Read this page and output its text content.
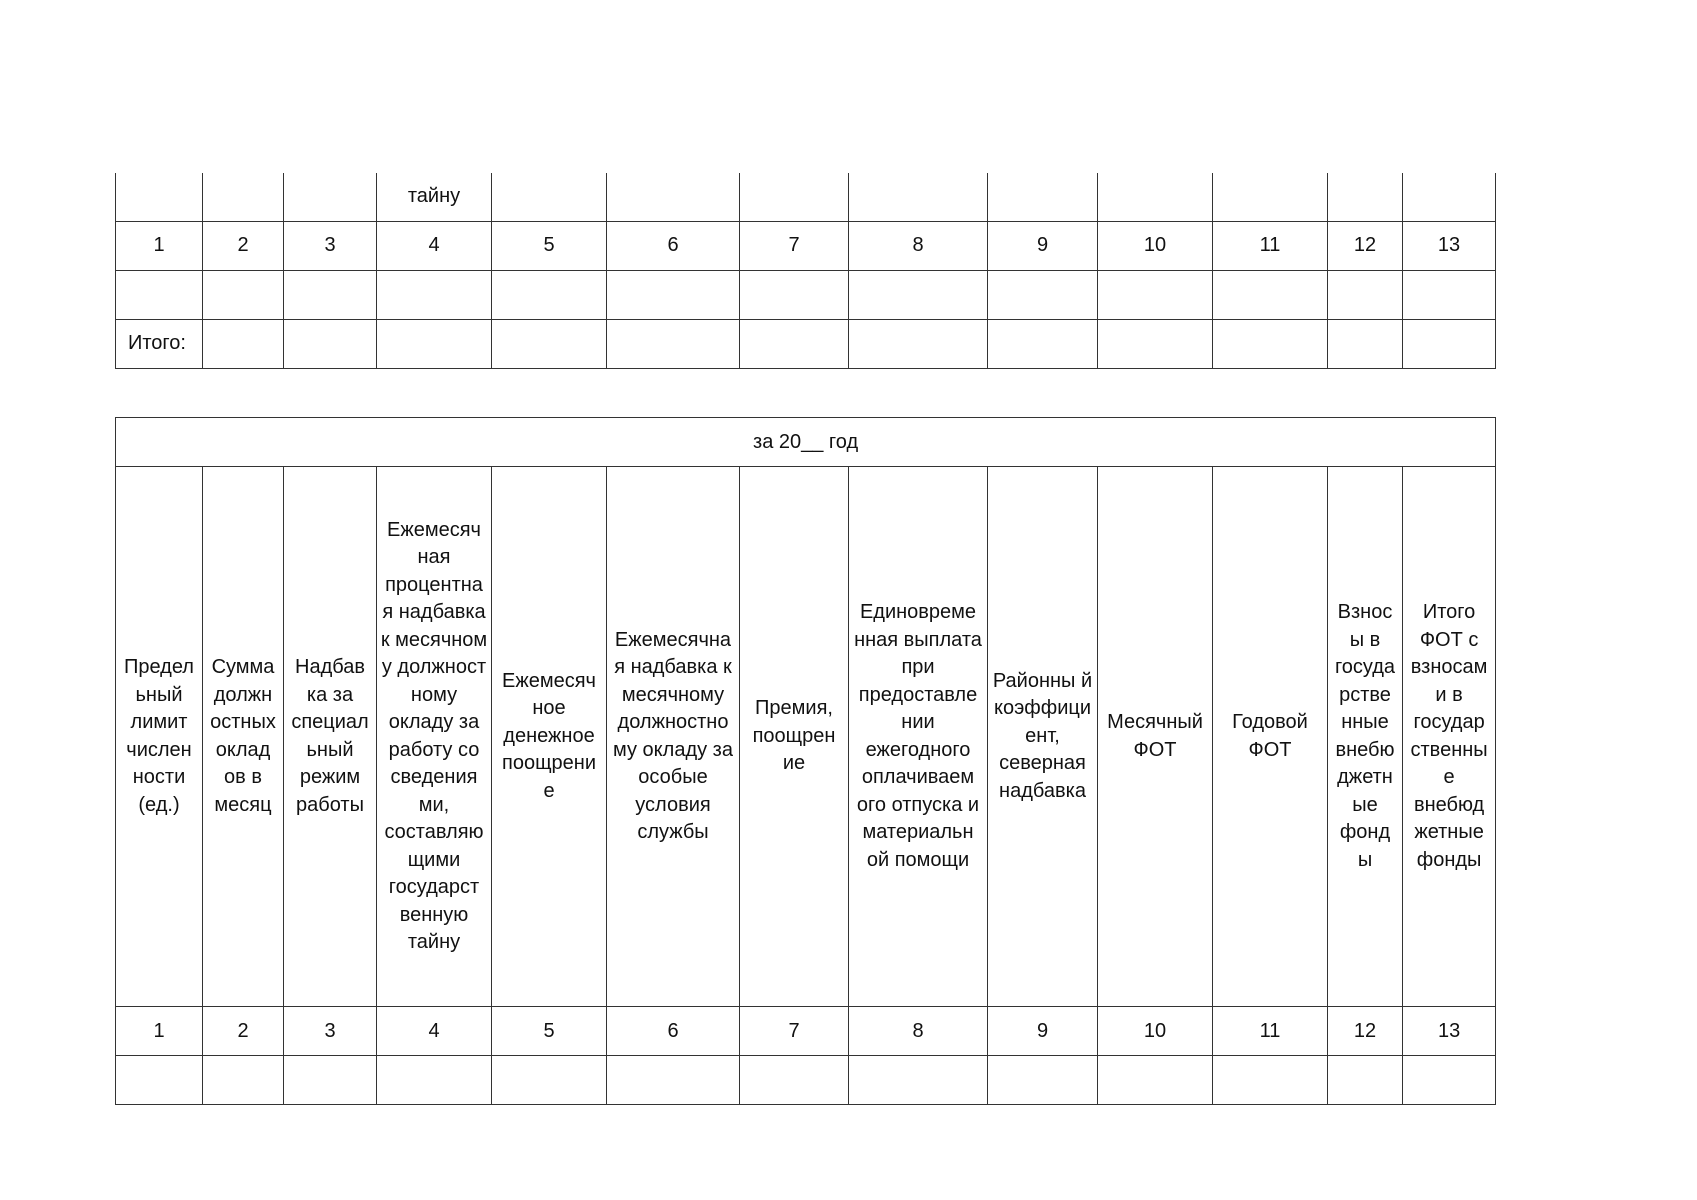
			тайну									
1	2	3	4	5	6	7	8	9	10	11	12	13

Итого:												
за 20__ год												
Предел ьный лимит числен ности (ед.)	Сумма должн остных оклад ов в месяц	Надбав ка за специал ьный режим работы	Ежемесяч ная процентна я надбавка к месячном у должност ному окладу за работу со сведения ми, составляю щими государст венную тайну	Ежемесяч ное денежное поощрени е	Ежемесячна я надбавка к месячному должностно му окладу за особые условия службы	Премия, поощрен ие	Единовреме нная выплата при предоставле нии ежегодного оплачиваем ого отпуска и материальн ой помощи	Районны й коэффици ент, северная надбавка	Месячный ФОТ	Годовой ФОТ	Взнос ы в госуда рстве нные внебю джетн ые фонд ы	Итого ФОТ с взносам и в государ ственны е внебюд жетные фонды
1	2	3	4	5	6	7	8	9	10	11	12	13
